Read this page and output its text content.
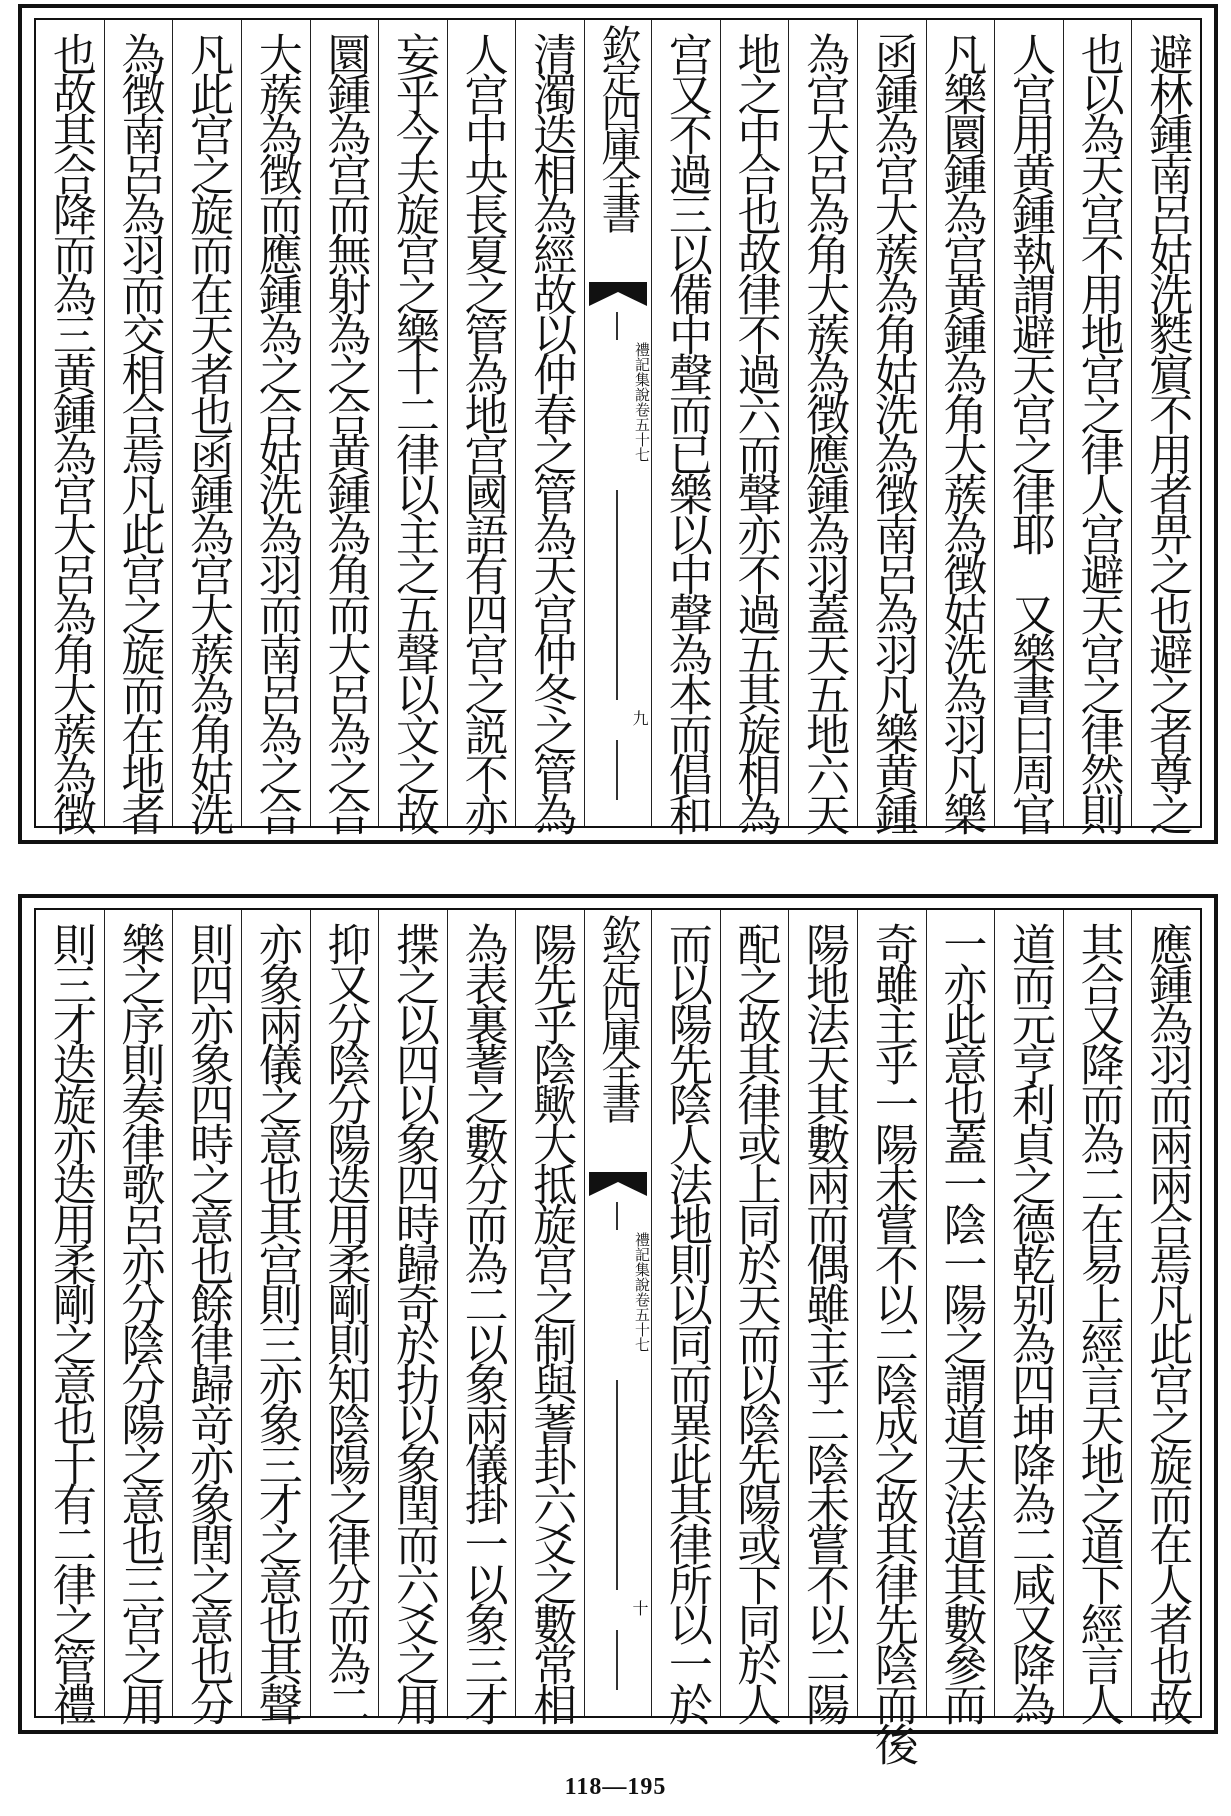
避林鍾南呂姑洗㽔賔不用者畀之也避之者尊之
也以為天宫不用地宫之律人宫避天宫之律然則
人宫用黄鍾執謂避天宫之律耶　又樂書曰周官
凡樂圜鍾為宫黄鍾為角大蔟為徴姑洗為羽凡樂
函鍾為宫大蔟為角姑洗為徴南呂為羽凡樂黄鍾
為宫大呂為角大蔟為徴應鍾為羽蓋天五地六天
地之中合也故律不過六而聲亦不過五其旋相為
宫又不過三以備中聲而已樂以中聲為本而倡和
欽定四庫全書
禮記集說
卷五十七
九
清濁迭相為經故以仲春之管為天宫仲冬之管為
人宫中央長夏之管為地宫國語有四宫之説不亦
妄乎今夫旋宫之樂十二律以主之五聲以文之故
圜鍾為宫而無射為之合黄鍾為角而大呂為之合
大蔟為徴而應鍾為之合姑洗為羽而南呂為之合
凡此宫之旋而在天者也函鍾為宫大蔟為角姑洗
為徴南呂為羽而交相合焉凡此宫之旋而在地者
也故其合降而為三黄鍾為宫大呂為角大蔟為徴
應鍾為羽而兩兩合焉凡此宫之旋而在人者也故
其合又降而為二在易上經言天地之道下經言人
道而元亨利貞之德乾别為四坤降為二咸又降為
一亦此意也蓋一陰一陽之謂道天法道其數參而
奇雖主乎一陽未嘗不以二陰成之故其律先陰而後
陽地法天其數兩而偶雖主乎二陰未嘗不以二陽
配之故其律或上同於天而以陰先陽或下同於人
而以陽先陰人法地則以同而異此其律所以一於
欽定四庫全書
禮記集說
卷五十七
十
陽先乎陰歟大抵旋宫之制與蓍卦六爻之數常相
為表裏蓍之數分而為二以象兩儀掛一以象三才
揲之以四以象四時歸奇於扐以象閏而六爻之用
抑又分陰分陽迭用柔剛則知陰陽之律分而為二
亦象兩儀之意也其宫則三亦象三才之意也其聲
則四亦象四時之意也餘律歸竒亦象閏之意也分
樂之序則奏律歌呂亦分陰分陽之意也三宫之用
則三才迭旋亦迭用柔剛之意也十有二律之管禮
118—195
